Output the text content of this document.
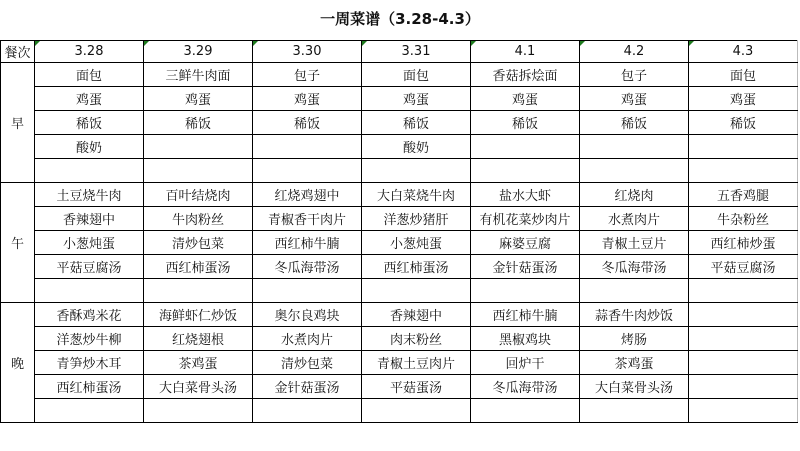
一周菜谱（3.28-4.3）
餐次	3.28	3.29	3.30	3.31	4.1	4.2	4.3
早	面包	三鲜牛肉面	包子	面包	香菇拆烩面	包子	面包
	鸡蛋	鸡蛋	鸡蛋	鸡蛋	鸡蛋	鸡蛋	鸡蛋
	稀饭	稀饭	稀饭	稀饭	稀饭	稀饭	稀饭
	酸奶			酸奶			

午	土豆烧牛肉	百叶结烧肉	红烧鸡翅中	大白菜烧牛肉	盐水大虾	红烧肉	五香鸡腿
	香辣翅中	牛肉粉丝	青椒香干肉片	洋葱炒猪肝	有机花菜炒肉片	水煮肉片	牛杂粉丝
	小葱炖蛋	清炒包菜	西红柿牛腩	小葱炖蛋	麻婆豆腐	青椒土豆片	西红柿炒蛋
	平菇豆腐汤	西红柿蛋汤	冬瓜海带汤	西红柿蛋汤	金针菇蛋汤	冬瓜海带汤	平菇豆腐汤

晚	香酥鸡米花	海鲜虾仁炒饭	奥尔良鸡块	香辣翅中	西红柿牛腩	蒜香牛肉炒饭	
	洋葱炒牛柳	红烧翅根	水煮肉片	肉末粉丝	黑椒鸡块	烤肠	
	青笋炒木耳	茶鸡蛋	清炒包菜	青椒土豆肉片	回炉干	茶鸡蛋	
	西红柿蛋汤	大白菜骨头汤	金针菇蛋汤	平菇蛋汤	冬瓜海带汤	大白菜骨头汤	
